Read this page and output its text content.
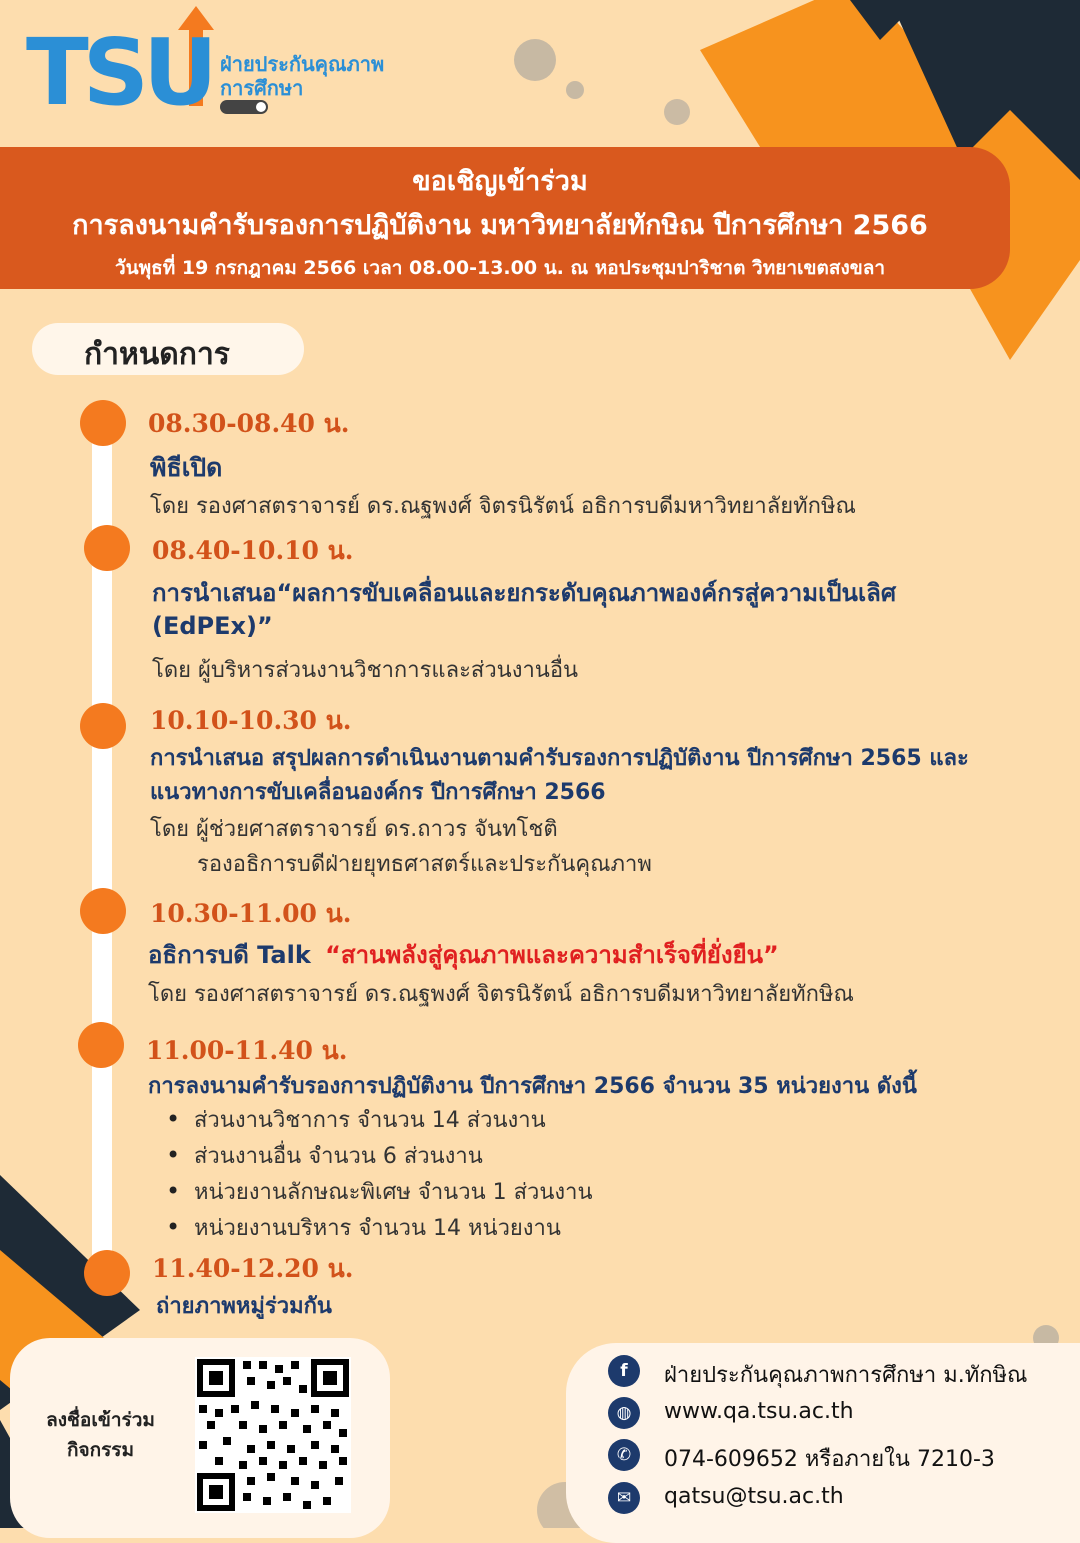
TSU ฝ่ายประกันคุณภาพ
การศึกษา
ขอเชิญเข้าร่วม
การลงนามคำรับรองการปฏิบัติงาน มหาวิทยาลัยทักษิณ ปีการศึกษา 2566
วันพุธที่ 19 กรกฎาคม 2566 เวลา 08.00-13.00 น. ณ หอประชุมปาริชาต วิทยาเขตสงขลา
กำหนดการ
08.30-08.40 น.
พิธีเปิด
โดย รองศาสตราจารย์ ดร.ณฐพงศ์ จิตรนิรัตน์ อธิการบดีมหาวิทยาลัยทักษิณ
08.40-10.10 น.
การนำเสนอ“ผลการขับเคลื่อนและยกระดับคุณภาพองค์กรสู่ความเป็นเลิศ
(EdPEx)”
โดย ผู้บริหารส่วนงานวิชาการและส่วนงานอื่น
10.10-10.30 น.
การนำเสนอ สรุปผลการดำเนินงานตามคำรับรองการปฏิบัติงาน ปีการศึกษา 2565 และ
แนวทางการขับเคลื่อนองค์กร ปีการศึกษา 2566
โดย ผู้ช่วยศาสตราจารย์ ดร.ถาวร จันทโชติ
รองอธิการบดีฝ่ายยุทธศาสตร์และประกันคุณภาพ
10.30-11.00 น.
อธิการบดี Talk “สานพลังสู่คุณภาพและความสำเร็จที่ยั่งยืน”
โดย รองศาสตราจารย์ ดร.ณฐพงศ์ จิตรนิรัตน์ อธิการบดีมหาวิทยาลัยทักษิณ
11.00-11.40 น.
การลงนามคำรับรองการปฏิบัติงาน ปีการศึกษา 2566 จำนวน 35 หน่วยงาน ดังนี้
• ส่วนงานวิชาการ จำนวน 14 ส่วนงาน
• ส่วนงานอื่น จำนวน 6 ส่วนงาน
• หน่วยงานลักษณะพิเศษ จำนวน 1 ส่วนงาน
• หน่วยงานบริหาร จำนวน 14 หน่วยงาน
11.40-12.20 น.
ถ่ายภาพหมู่ร่วมกัน
ลงชื่อเข้าร่วม
กิจกรรม
f	ฝ่ายประกันคุณภาพการศึกษา ม.ทักษิณ
◍	www.qa.tsu.ac.th
✆	074-609652 หรือภายใน 7210-3
✉	qatsu@tsu.ac.th
